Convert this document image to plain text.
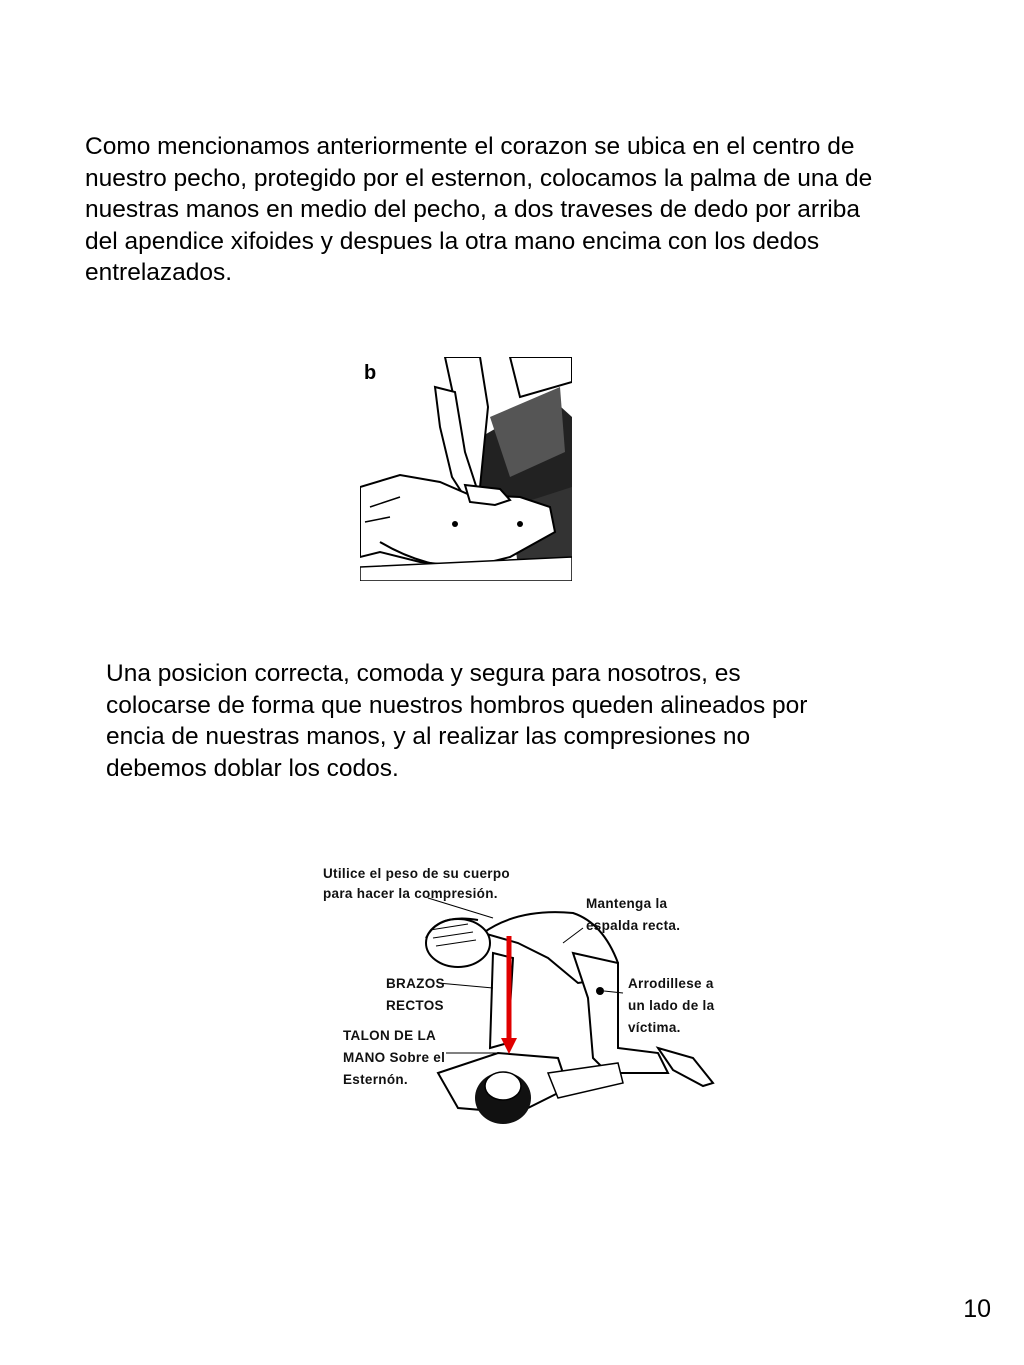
Como mencionamos anteriormente el corazon se ubica en el centro de
nuestro pecho, protegido por el esternon, colocamos la palma de una de
nuestras manos en medio del pecho, a dos traveses de dedo por arriba
del apendice xifoides y despues la otra mano encima con los dedos
entrelazados.
b
Una posicion correcta, comoda y segura para nosotros, es
colocarse de forma que nuestros hombros queden alineados por
encia de nuestras manos, y al realizar las compresiones no
debemos doblar los codos.
Utilice el peso de su cuerpo
para hacer la compresión.
Mantenga la
espalda recta.
BRAZOS
RECTOS
Arrodillese a
un lado de la
víctima.
TALON DE LA
MANO Sobre el
Esternón.
10
